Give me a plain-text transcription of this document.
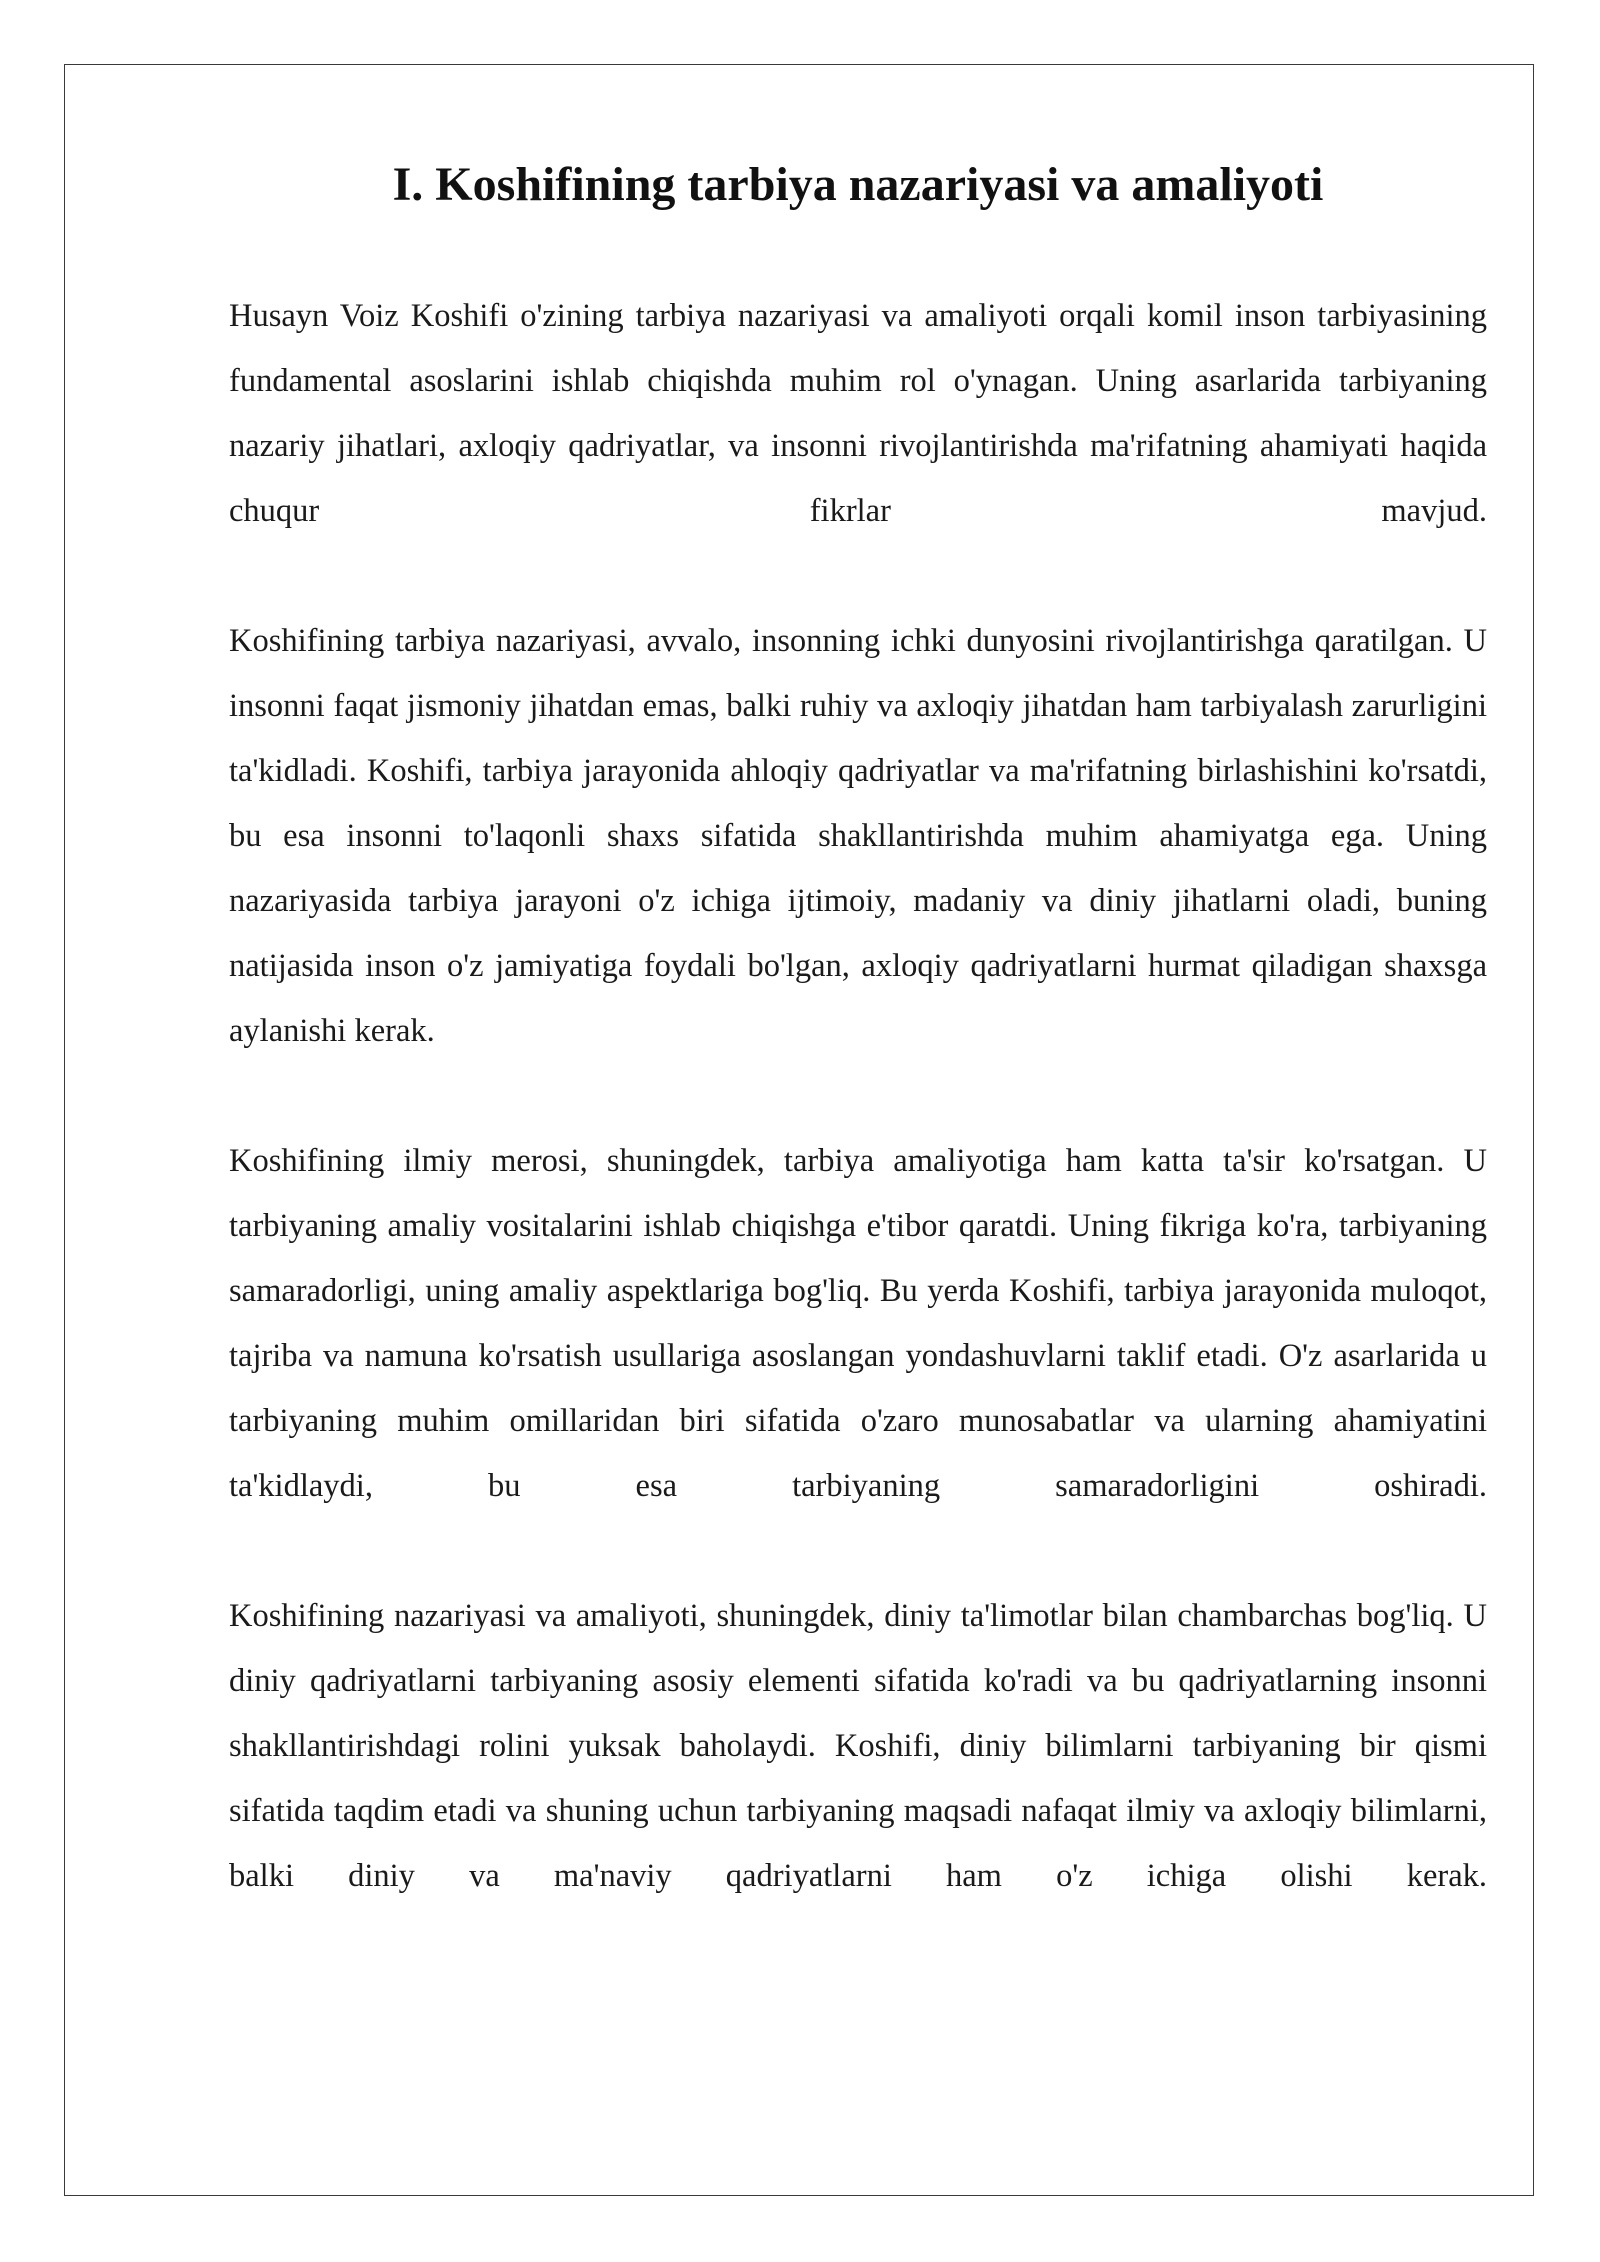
I. Koshifining tarbiya nazariyasi va amaliyoti

Husayn Voiz Koshifi o'zining tarbiya nazariyasi va amaliyoti orqali komil inson tarbiyasining fundamental asoslarini ishlab chiqishda muhim rol o'ynagan. Uning asarlarida tarbiyaning nazariy jihatlari, axloqiy qadriyatlar, va insonni rivojlantirishda ma'rifatning ahamiyati haqida chuqur fikrlar mavjud.

Koshifining tarbiya nazariyasi, avvalo, insonning ichki dunyosini rivojlantirishga qaratilgan. U insonni faqat jismoniy jihatdan emas, balki ruhiy va axloqiy jihatdan ham tarbiyalash zarurligini ta'kidladi. Koshifi, tarbiya jarayonida ahloqiy qadriyatlar va ma'rifatning birlashishini ko'rsatdi, bu esa insonni to'laqonli shaxs sifatida shakllantirishda muhim ahamiyatga ega. Uning nazariyasida tarbiya jarayoni o'z ichiga ijtimoiy, madaniy va diniy jihatlarni oladi, buning natijasida inson o'z jamiyatiga foydali bo'lgan, axloqiy qadriyatlarni hurmat qiladigan shaxsga aylanishi kerak.

Koshifining ilmiy merosi, shuningdek, tarbiya amaliyotiga ham katta ta'sir ko'rsatgan. U tarbiyaning amaliy vositalarini ishlab chiqishga e'tibor qaratdi. Uning fikriga ko'ra, tarbiyaning samaradorligi, uning amaliy aspektlariga bog'liq. Bu yerda Koshifi, tarbiya jarayonida muloqot, tajriba va namuna ko'rsatish usullariga asoslangan yondashuvlarni taklif etadi. O'z asarlarida u tarbiyaning muhim omillaridan biri sifatida o'zaro munosabatlar va ularning ahamiyatini ta'kidlaydi, bu esa tarbiyaning samaradorligini oshiradi.

Koshifining nazariyasi va amaliyoti, shuningdek, diniy ta'limotlar bilan chambarchas bog'liq. U diniy qadriyatlarni tarbiyaning asosiy elementi sifatida ko'radi va bu qadriyatlarning insonni shakllantirishdagi rolini yuksak baholaydi. Koshifi, diniy bilimlarni tarbiyaning bir qismi sifatida taqdim etadi va shuning uchun tarbiyaning maqsadi nafaqat ilmiy va axloqiy bilimlarni, balki diniy va ma'naviy qadriyatlarni ham o'z ichiga olishi kerak.
